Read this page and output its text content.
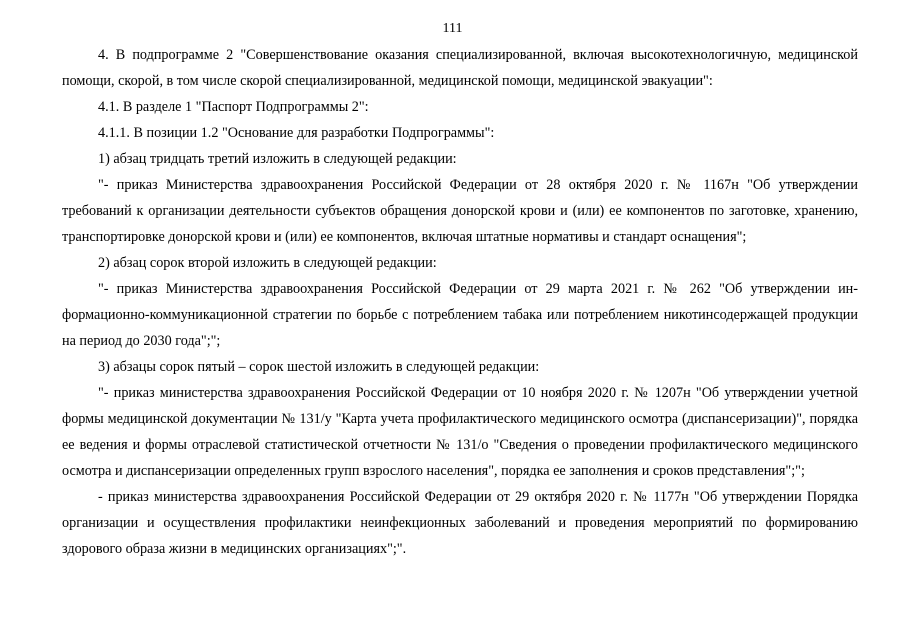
111

4. В подпрограмме 2 "Совершенствование оказания специализированной, включая высокотехнологичную, медицинской помощи, скорой, в том числе скорой специализированной, медицинской помощи, медицинской эвакуации":

4.1. В разделе 1 "Паспорт Подпрограммы 2":

4.1.1. В позиции 1.2 "Основание для разработки Подпрограммы":

1) абзац тридцать третий изложить в следующей редакции:

"- приказ Министерства здравоохранения Российской Федерации от 28 октября 2020 г. № 1167н "Об утверждении требований к организации деятельности субъектов обращения донорской крови и (или) ее компонентов по заготовке, хранению, транспортировке донорской крови и (или) ее компонентов, включая штатные нормативы и стандарт оснащения";

2) абзац сорок второй изложить в следующей редакции:

"- приказ Министерства здравоохранения Российской Федерации от 29 марта 2021 г. № 262 "Об утверждении информационно-коммуникационной стратегии по борьбе с потреблением табака или потреблением никотинсодержащей продукции на период до 2030 года";";

3) абзацы сорок пятый – сорок шестой изложить в следующей редакции:

"- приказ министерства здравоохранения Российской Федерации от 10 ноября 2020 г. № 1207н "Об утверждении учетной формы медицинской документации № 131/у "Карта учета профилактического медицинского осмотра (диспансеризации)", порядка ее ведения и формы отраслевой статистической отчетности № 131/о "Сведения о проведении профилактического медицинского осмотра и диспансеризации определенных групп взрослого населения", порядка ее заполнения и сроков представления";";

- приказ министерства здравоохранения Российской Федерации от 29 октября 2020 г. № 1177н "Об утверждении Порядка организации и осуществления профилактики неинфекционных заболеваний и проведения мероприятий по формированию здорового образа жизни в медицинских организациях";".
